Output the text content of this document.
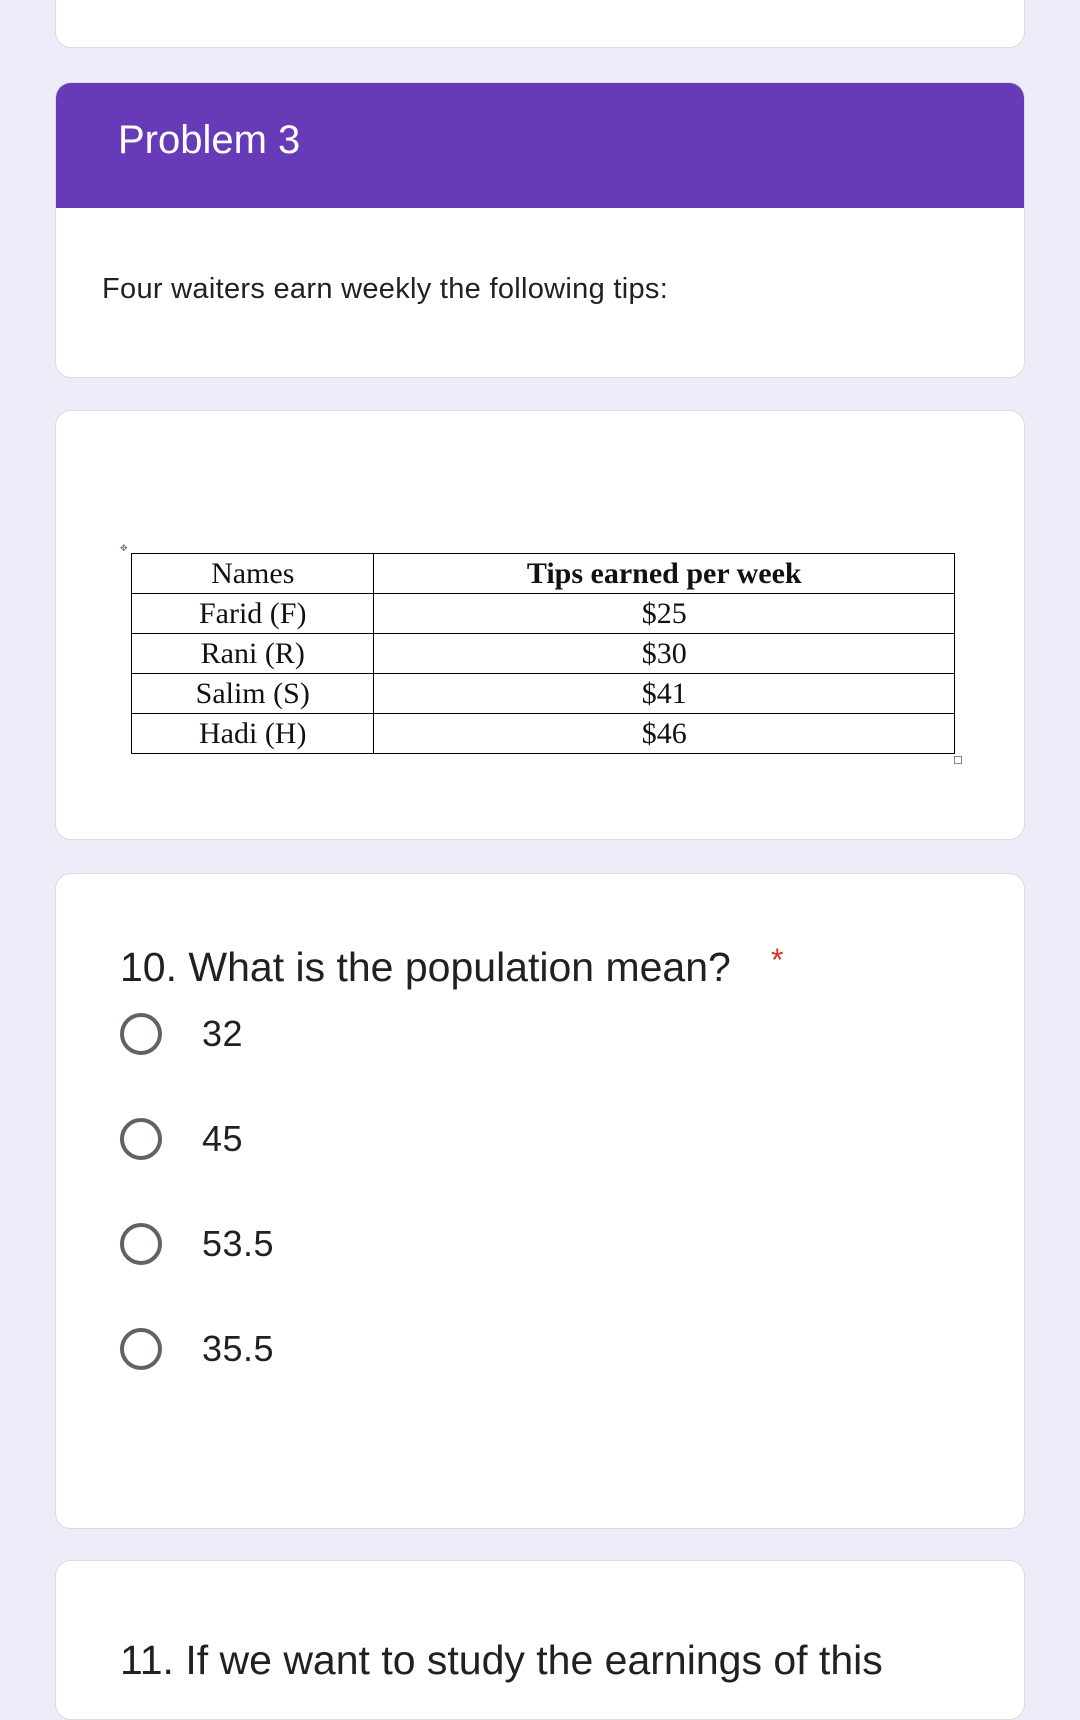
Problem 3
Four waiters earn weekly the following tips:
✥
Names	Tips earned per week
Farid (F)	$25
Rani (R)	$30
Salim (S)	$41
Hadi (H)	$46
10. What is the population mean? *
32
45
53.5
35.5
11. If we want to study the earnings of this
